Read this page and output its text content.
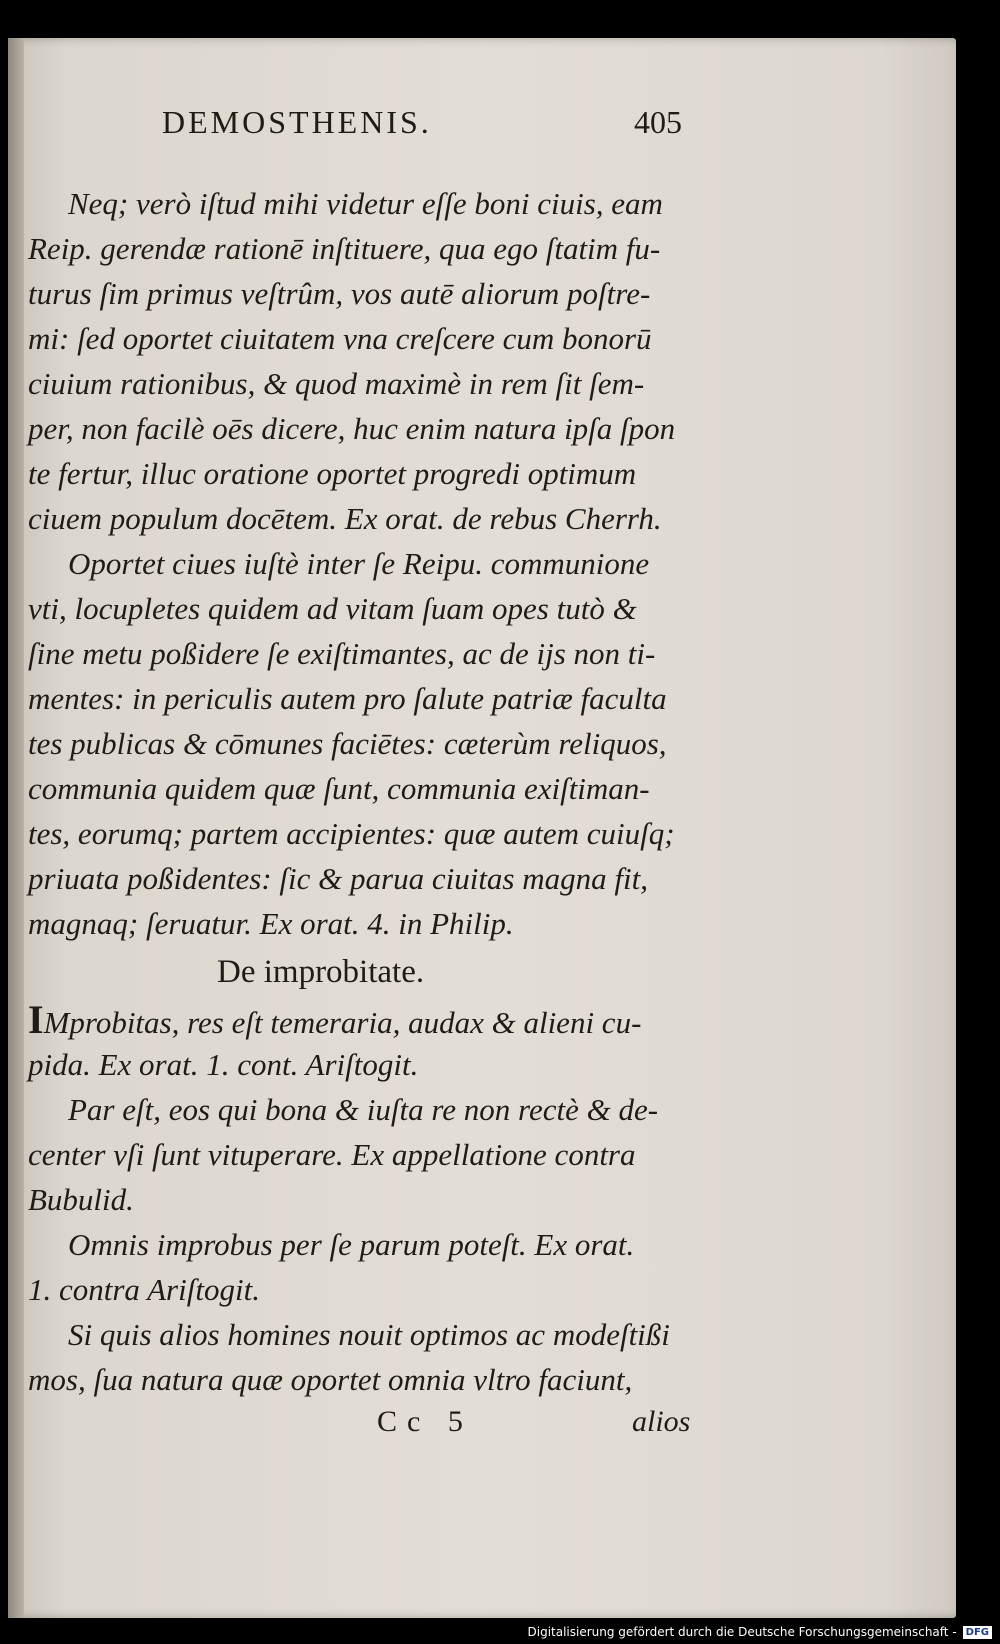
DEMOSTHENIS.	405
Neq; verò iſtud mihi videtur eſſe boni ciuis, eam
Reip. gerendæ rationē inſtituere, qua ego ſtatim fu-
turus ſim primus veſtrûm, vos autē aliorum poſtre-
mi: ſed oportet ciuitatem vna creſcere cum bonorū
ciuium rationibus, & quod maximè in rem ſit ſem-
per, non facilè oēs dicere, huc enim natura ipſa ſpon
te fertur, illuc oratione oportet progredi optimum
ciuem populum docētem. Ex orat. de rebus Cherrh.
Oportet ciues iuſtè inter ſe Reipu. communione
vti, locupletes quidem ad vitam ſuam opes tutò &
ſine metu poßidere ſe exiſtimantes, ac de ijs non ti-
mentes: in periculis autem pro ſalute patriæ faculta
tes publicas & cōmunes faciētes: cæterùm reliquos,
communia quidem quæ ſunt, communia exiſtiman-
tes, eorumq; partem accipientes: quæ autem cuiuſq;
priuata poßidentes: ſic & parua ciuitas magna fit,
magnaq; ſeruatur. Ex orat. 4. in Philip.
De improbitate.
IMprobitas, res eſt temeraria, audax & alieni cu-
pida. Ex orat. 1. cont. Ariſtogit.
Par eſt, eos qui bona & iuſta re non rectè & de-
center vſi ſunt vituperare. Ex appellatione contra
Bubulid.
Omnis improbus per ſe parum poteſt. Ex orat.
1. contra Ariſtogit.
Si quis alios homines nouit optimos ac modeſtißi
mos, ſua natura quæ oportet omnia vltro faciunt,
Cc 5	alios
Digitalisierung gefördert durch die Deutsche Forschungsgemeinschaft - DFG
